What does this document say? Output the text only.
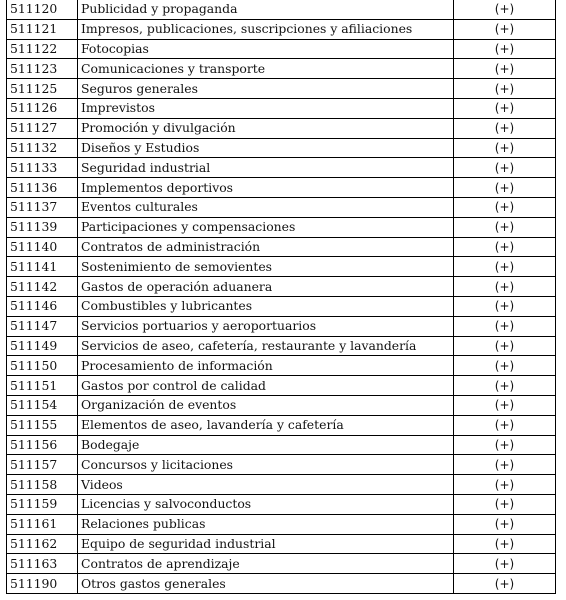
511120	Publicidad y propaganda	(+)
511121	Impresos, publicaciones, suscripciones y afiliaciones	(+)
511122	Fotocopias	(+)
511123	Comunicaciones y transporte	(+)
511125	Seguros generales	(+)
511126	Imprevistos	(+)
511127	Promoción y divulgación	(+)
511132	Diseños y Estudios	(+)
511133	Seguridad industrial	(+)
511136	Implementos deportivos	(+)
511137	Eventos culturales	(+)
511139	Participaciones y compensaciones	(+)
511140	Contratos de administración	(+)
511141	Sostenimiento de semovientes	(+)
511142	Gastos de operación aduanera	(+)
511146	Combustibles y lubricantes	(+)
511147	Servicios portuarios y aeroportuarios	(+)
511149	Servicios de aseo, cafetería, restaurante y lavandería	(+)
511150	Procesamiento de información	(+)
511151	Gastos por control de calidad	(+)
511154	Organización de eventos	(+)
511155	Elementos de aseo, lavandería y cafetería	(+)
511156	Bodegaje	(+)
511157	Concursos y licitaciones	(+)
511158	Videos	(+)
511159	Licencias y salvoconductos	(+)
511161	Relaciones publicas	(+)
511162	Equipo de seguridad industrial	(+)
511163	Contratos de aprendizaje	(+)
511190	Otros gastos generales	(+)
